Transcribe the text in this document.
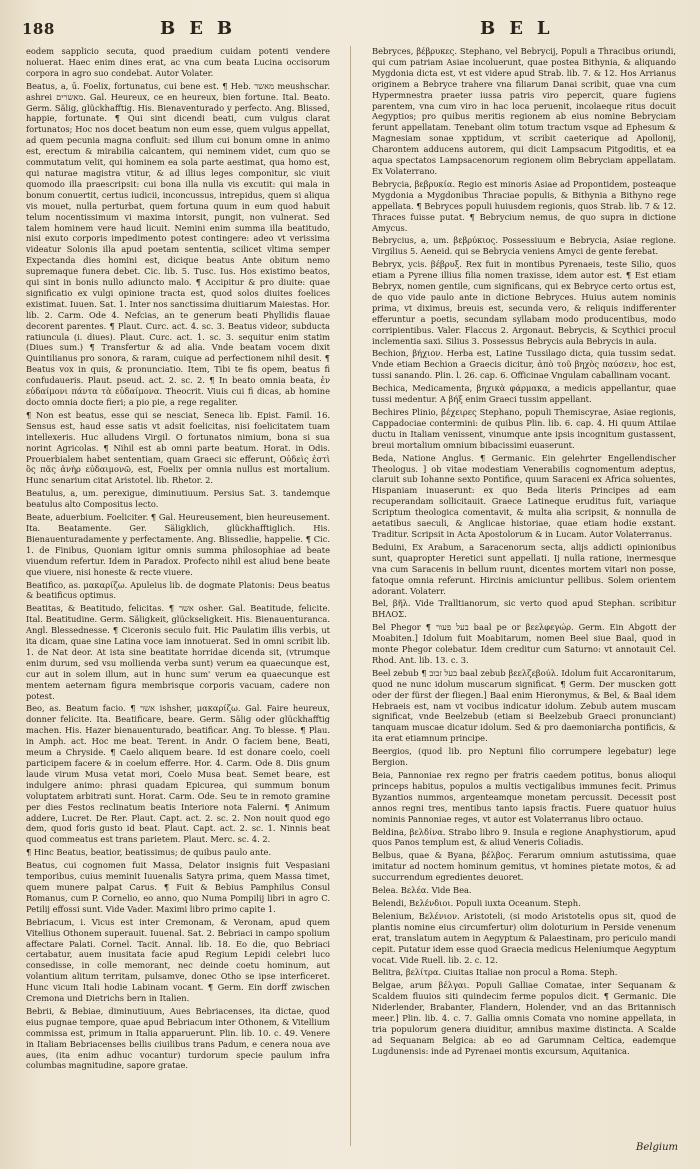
188	BEB	BEL

eodem sapplicio secuta, quod praedium cuidam potenti vendere noluerat. Haec enim dines erat, ac vna cum beata Lucina occisorum corpora in agro suo condebat. Autor Volater.

Beatus, a, ū. Foelix, fortunatus, cui bene est. ¶ Heb. מאשר meushschar. ashrei מאשרים. Gal. Heureux, ce en heureux, bien fortune. Ital. Beato. Germ. Sälig, glückhafftig. His. Bienaventurado y perfecto. Ang. Blissed, happie, fortunate. ¶ Qui sint dicendi beati, cum vulgus clarat fortunatos; Hoc nos docet beatum non eum esse, quem vulgus appellat, ad quem pecunia magna confluit: sed illum cui bonum omne in animo est, erectum & mirabilia calcantem, qui neminem videt, cum quo se commutatum velit, qui hominem ea sola parte aestimat, qua homo est, qui naturae magistra vtitur, & ad illius leges componitur, sic viuit quomodo illa praescripsit: cui bona illa nulla vis excutit: qui mala in bonum conuertit, certus iudicii, inconcussus, intrepidus, quem si aliqua vis mouet, nulla perturbat, quem fortuna quum in eum quod habuit telum nocentissimum vi maxima intorsit, pungit, non vulnerat. Sed talem hominem vere haud licuit. Nemini enim summa illa beatitudo, nisi exuto corporis impedimento potest contingere: adeo vt verissima videatur Solonis illa apud poetam sententia, scilicet vltima semper Expectanda dies homini est, dicique beatus Ante obitum nemo supremaque funera debet. Cic. lib. 5. Tusc. Ius. Hos existimo beatos, qui sint in bonis nullo adiuncto malo. ¶ Accipitur & pro diuite: quae significatio ex vulgi opinione tracta est, quod solos diuites foelices existimat. Iuuen. Sat. 1. Inter nos sanctissima diuitiarum Maiestas. Hor. lib. 2. Carm. Ode 4. Nefcias, an te generum beati Phyllidis flauae decorent parentes. ¶ Plaut. Curc. act. 4. sc. 3. Beatus videor, subducta ratiuncula (i. diues). Plaut. Curc. act. 1. sc. 3. sequitur enim statim (Diues sum.) ¶ Transfertur & ad alia. Vnde beatam vocem dixit Quintilianus pro sonora, & raram, cuique ad perfectionem nihil desit. ¶ Beatus vox in quis, & pronunciatio. Item, Tibi te fis opem, beatus fi confudaueris. Plaut. pseud. act. 2. sc. 2. ¶ In beato omnia beata, ἐν εὐδαίμονι πάντα τὰ εὐδαίμονα. Theocrit. Viuis cui fi dicas, ab homine docto omnia docte fieri; a pio pie, a rege regaliter.

¶ Non est beatus, esse qui se nesciat, Seneca lib. Epist. Famil. 16. Sensus est, haud esse satis vt adsit foelicitas, nisi foelicitatem tuam intellexeris. Huc alludens Virgil. O fortunatos nimium, bona si sua norint Agricolas. ¶ Nihil est ab omni parte beatum. Horat. in Odis. Prouerbialem habet sententiam, quam Graeci sic efferunt, Οὐδεὶς ἐστὶ ὃς πᾶς ἀνὴρ εὐδαιμονῶ, est, Foelix per omnia nullus est mortalium. Hunc senarium citat Aristotel. lib. Rhetor. 2.

Beatulus, a, um. perexigue, diminutiuum. Persius Sat. 3. tandemque beatulus alto Compositus lecto.

Beate, aduerbium. Foeliciter. ¶ Gal. Heureusement, bien heureusement. Ita. Beatamente. Ger. Säligklich, glückhafftiglich. His. Bienauenturadamente y perfectamente. Ang. Blissedlie, happelie. ¶ Cic. 1. de Finibus, Quoniam igitur omnis summa philosophiae ad beate viuendum refertur. Idem in Paradox. Profecto nihil est aliud bene beate que viuere, nisi honeste & recte viuere.

Beatifico, as. μακαρίζω. Apuleius lib. de dogmate Platonis: Deus beatus & beatificus optimus.

Beatitas, & Beatitudo, felicitas. ¶ אשר osher. Gal. Beatitude, felicite. Ital. Beatitudine. Germ. Säligkeit, glückseligkeit. His. Bienauenturanca. Angl. Blessednesse. ¶ Ciceronis seculo fuit. Hic Paulatim illis verbis, ut ita dicam, quae sine Latina voce iam innotuerat. Sed in omni scribit lib. 1. de Nat deor. At ista sine beatitate horridae dicenda sit, (vtrumque enim durum, sed vsu mollienda verba sunt) verum ea quaecunque est, cur aut in solem illum, aut in hunc sum' verum ea quaecunque est mentem aeternam figura membrisque corporis vacuam, cadere non potest.

Beo, as. Beatum facio. ¶ אשר ishsher, μακαρίζω. Gal. Faire heureux, donner felicite. Ita. Beatificare, beare. Germ. Sälig oder glückhafftig machen. His. Hazer bienauenturado, beatificar. Ang. To blesse. ¶ Plau. in Amph. act. Hoc me beat. Terent. in Andr. O faciem bene, Beati, meum a Chryside. ¶ Caelo aliquem beare. Id est donare coelo, coeli participem facere & in coelum efferre. Hor. 4. Carm. Ode 8. Diis gnum laude virum Musa vetat mori, Coelo Musa beat. Semet beare, est indulgere animo: phrasi quadam Epicurea, qui summum bonum voluptatem arbitrati sunt. Horat. Carm. Ode. Seu te in remoto gramine per dies Festos reclinatum beatis Interiore nota Falerni. ¶ Animum addere, Lucret. De Rer. Plaut. Capt. act. 2. sc. 2. Non nouit quod ego dem, quod foris gusto id beat. Plaut. Capt. act. 2. sc. 1. Ninnis beat quod commeatus est trans parietem. Plaut. Merc. sc. 4. 2.

¶ Hinc Beatus, beatior, beatissimus; de quibus paulo ante.

Beatus, cui cognomen fuit Massa, Delator insignis fuit Vespasiani temporibus, cuius meminit Iuuenalis Satyra prima, quem Massa timet, quem munere palpat Carus. ¶ Fuit & Bebius Pamphilus Consul Romanus, cum P. Cornelio, eo anno, quo Numa Pompilij libri in agro C. Petilij effossi sunt. Vide Vader. Maximi libro primo capite 1.

Bebriacum, i. Vicus est inter Cremonam, & Veronam, apud quem Vitellius Othonem superauit. Iuuenal. Sat. 2. Bebriaci in campo spolium affectare Palati. Cornel. Tacit. Annal. lib. 18. Eo die, quo Bebriaci certabatur, auem inusitata facie apud Regium Lepidi celebri luco consedisse, in colle memorant, nec deinde coetu hominum, aut volantium alitum territam, pulsamve, donec Otho se ipse interficeret. Hunc vicum Itali hodie Labinam vocant. ¶ Germ. Ein dorff zwischen Cremona und Dietrichs bern in Italien.

Bebrii, & Bebiae, diminutiuum, Aues Bebriacenses, ita dictae, quod eius pugnae tempore, quae apud Bebriacum inter Othonem, & Vitellium commissa est, primum in Italia apparuerunt. Plin. lib. 10. c. 49. Venere in Italiam Bebriacenses bellis ciuilibus trans Padum, e cenera noua ave aues, (ita enim adhuc vocantur) turdorum specie paulum infra columbas magnitudine, sapore gratae.

Bebryces, βέβρυκες. Stephano, vel Bebrycij, Populi a Thracibus oriundi, qui cum patriam Asiae incoluerunt, quae postea Bithynia, & aliquando Mygdonia dicta est, vt est videre apud Strab. lib. 7. & 12. Hos Arrianus originem a Bebryce trahere vna filiarum Danai scribit, quae vna cum Hypermnestra praeter iussa patris viro pepercit, quare fugiens parentem, vna cum viro in hac loca peruenit, incolaeque ritus docuit Aegyptios; pro quibus meritis regionem ab eius nomine Bebryciam ferunt appellatam. Tenebant olim totum tractum vsque ad Ephesum & Magnesiam sonae xpptidum, vt scribit caeterique ad Apollonij, Charontem adducens autorem, qui dicit Lampsacum Pitgoditis, et ea aqua spectatos Lampsacenorum regionem olim Bebryciam appellatam. Ex Volaterrano.

Bebrycia, βεβρυκία. Regio est minoris Asiae ad Propontidem, posteaque Mygdonia a Mygdonibus Thraciae populis, & Bithynia a Bithyno rege appellata. ¶ Bebryces populi huiusdem regionis, quos Strab. lib. 7 & 12. Thraces fuisse putat. ¶ Bebrycium nemus, de quo supra in dictione Amycus.

Bebrycius, a, um. βεβρύκιος. Possessiuum e Bebrycia, Asiae regione. Virgilius 5. Aeneid. qui se Bebrycia veniens Amyci de gente ferebat.

Bebryx, ycis. βέβρυξ. Rex fuit in montibus Pyrenaeis, teste Silio, quos etiam a Pyrene illius filia nomen traxisse, idem autor est. ¶ Est etiam Bebryx, nomen gentile, cum significans, qui ex Bebryce certo ortus est, de quo vide paulo ante in dictione Bebryces. Huius autem nominis prima, vt diximus, breuis est, secunda vero, & reliquis indifferenter efferuntur a poetis, secundam syllabam modo producentibus, modo corripientibus. Valer. Flaccus 2. Argonaut. Bebrycis, & Scythici procul inclementia saxi. Silius 3. Possessus Bebrycis aula Bebrycis in aula.

Bechion, βήχιον. Herba est, Latine Tussilago dicta, quia tussim sedat. Vnde etiam Bechion a Graecis dicitur, ἀπὸ τοῦ βηχὸς παύσειν, hoc est, tussi sanando. Plin. l. 26. cap. 6. Officinae Vngulam caballinam vocant.

Bechica, Medicamenta, βηχικὰ φάρμακα, a medicis appellantur, quae tussi medentur. A βήξ enim Graeci tussim appellant.

Bechires Plinio, βέχειρες Stephano, populi Themiscyrae, Asiae regionis, Cappadociae contermini: de quibus Plin. lib. 6. cap. 4. Hi quum Attilae ductu in Italiam venissent, vinumque ante ipsis incognitum gustassent, breui mortalium omnium bibacissimi euaserunt.

Beda, Natione Anglus. ¶ Germanic. Ein gelehrter Engellendischer Theologus. ] ob vitae modestiam Venerabilis cognomentum adeptus, claruit sub Iohanne sexto Pontifice, quum Saraceni ex Africa soluentes, Hispaniam inuaserunt: ex quo Beda literis Principes ad eam recuperandam sollicitauit. Graece Latineque eruditus fuit, variaque Scriptum theologica comentavit, & multa alia scripsit, & nonnulla de aetatibus saeculi, & Anglicae historiae, quae etiam hodie exstant. Traditur. Scripsit in Acta Apostolorum & in Lucam. Autor Volaterranus.

Beduini, Ex Arabum, a Saracenorum secta, alijs addicti opinionibus sunt, quapropter Heretici sunt appellati. Ij nulla ratione, inermesque vna cum Saracenis in bellum ruunt, dicentes mortem vitari non posse, fatoque omnia referunt. Hircinis amiciuntur pellibus. Solem orientem adorant. Volaterr.

Bel, βῆλ. Vide Tralltianorum, sic verto quod apud Stephan. scribitur ΒΗΛΟΣ.

Bel Phegor ¶ בעל פעור baal pe or βεελφεγώρ. Germ. Ein Abgott der Moabiten.] Idolum fuit Moabitarum, nomen Beel siue Baal, quod in monte Phegor colebatur. Idem creditur cum Saturno: vt annotauit Cel. Rhod. Ant. lib. 13. c. 3.

Beel zebub ¶ בעל זבוב baal zebub βεελζεβούλ. Idolum fuit Accaronitarum, quod ne nunc idolum muscarum significat. ¶ Germ. Der muscken gott oder der fürst der fliegen.] Baal enim Hieronymus, & Bel, & Baal idem Hebraeis est, nam vt vocibus indicatur idolum. Zebub autem muscam significat, vnde Beelzebub (etiam si Beelzebub Graeci pronunciant) tanquam muscae dicatur idolum. Sed & pro daemoniarcha pontificis, & ita erat etiamnum principe.

Beergios, (quod lib. pro Neptuni filio corrumpere legebatur) lege Bergion.

Beia, Pannoniae rex regno per fratris caedem potitus, bonus alioqui princeps habitus, populos a multis vectigalibus immunes fecit. Primus Byzantios nummos, argenteamque monetam percussit. Decessit post annos regni tres, mentibus tanto iapsis fractis. Fuere quatuor huius nominis Pannoniae reges, vt autor est Volaterranus libro octauo.

Beldina, βελδίνα. Strabo libro 9. Insula e regione Anaphystiorum, apud quos Panos templum est, & aliud Veneris Coliadis.

Belbus, quae & Byana, βέλβος. Ferarum omnium astutissima, quae imitatur ad noctem hominum gemitus, vt homines pietate motos, & ad succurrendum egredientes deuoret.

Belea. Βελέα. Vide Bea.

Belendi, Βελένδιοι. Populi iuxta Oceanum. Steph.

Belenium, Βελένιον. Aristoteli, (si modo Aristotelis opus sit, quod de plantis nomine eius circumfertur) olim doloturium in Perside venenum erat, translatum autem in Aegyptum & Palaestinam, pro periculo mandi cepit. Putatur idem esse quod Graecia medicus Heleniumque Aegyptum vocat. Vide Ruell. lib. 2. c. 12.

Belitra, βελίτρα. Ciuitas Italiae non procul a Roma. Steph.

Belgae, arum βέλγαι. Populi Galliae Comatae, inter Sequanam & Scaldem fluuios siti quindecim ferme populos dicit. ¶ Germanic. Die Niderlender, Brabanter, Flandern, Holender, vnd an das Britannisch meer.] Plin. lib. 4. c. 7. Gallia omnis Comata vno nomine appellata, in tria populorum genera diuiditur, amnibus maxime distincta. A Scalde ad Sequanam Belgica: ab eo ad Garumnam Celtica, eademque Lugdunensis: inde ad Pyrenaei montis excursum, Aquitanica.

Belgium
